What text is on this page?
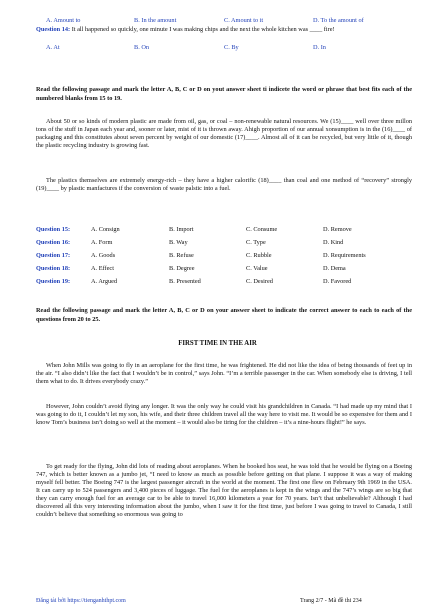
A. Amount to	B. In the amount	C. Amount to it	D. To the amount of
Question 14: It all happened so quickly, one minute I was making chips and the next the whole kitchen was ____ fire!
A. At	B. On	C. By	D. In
Read the following passage and mark the letter A, B, C or D on yout answer sheet ti indicete the word or phrase that best fits each of the numbered blanks from 15 to 19.
About 50 or so kinds of modern plastic are made from oil, gas, or coal – non-renewable natural resources. We (15)____ well over three millon tons of the stuff in Japan each year and, sooner or later, mist of it is thrown away. Ahigh proportion of our annual xonsumption is in the (16)____ of packaging and this constitutes about seven percent by weight of our domestic (17)____. Almost all of it can be recycled, but very little of it, though the plastic recycling industry is growing fast.
The plastics themselves are extremely energy-rich – they have a higher calorific (18)____ than coal and one method of “recovery” strongly (19)____ by plastic manfactures if the conversion of waste palstic into a fuel.
Question 15:	A. Consign	B. Import	C. Consume	D. Remove
Question 16:	A. Form	B. Way	C. Type	D. Kind
Question 17:	A. Goods	B. Refuse	C. Rubble	D. Requirements
Question 18:	A. Effect	B. Degree	C. Value	D. Dema
Question 19:	A. Argued	B. Presented	C. Desired	D. Favored
Read the following passage and mark the letter A, B, C or D on your answer sheet to indicate the correct answer to each to each of the questions from 20 to 25.
FIRST TIME IN THE AIR
When John Mills was going to fly in an aeroplane for the first time, he was frightened. He did not like the idea of being thousands of feet up in the air. “I also didn’t like the fact that I wouldn’t be in control,” says John. “I’m a terrible passenger in the car. When somebody else is driving, I tell them what to do. It drives everybody crazy.”
However, John couldn’t avoid flying any longer. It was the only way he could visit his grandchildren in Canada. “I had made up my mind that I was going to do it, I couldn’t let my son, his wife, and their three children travel all the way here to visit me. It would be so expensive for them and I know Tom’s business isn’t doing so well at the moment – it would also be tiring for the children – it’s a nine-hours flight!” he says.
To get ready for the flying, John did lots of reading about aeroplanes. When he booked hos seat, he was told that he would be flying on a Boeing 747, which is better known as a jumbo jet, “I need to know as much as possible before getting on that plane. I suppose it was a way of making myself fell better. The Boeing 747 is the largest passenger aircraft in the world at the moment. The first one flew on February 9th 1969 in the USA. It can carry up to 524 passengers and 3,400 pieces of luggage. The fuel for the aeroplanes is kept in the wings and the 747’s wings are so big that they can carry enough fuel for an average car to be able to travel 16,000 kilometers a year for 70 years. Isn’t that unbelievable? Although I had discovered all this very interesting information about the jumbo, when I saw it for the first time, just before I was going to travel to Canada, I still couldn’t believe that something so enormous was going to
Đăng tải bởi https://tienganhthpt.com	Trang 2/7 - Mã đề thi 234
